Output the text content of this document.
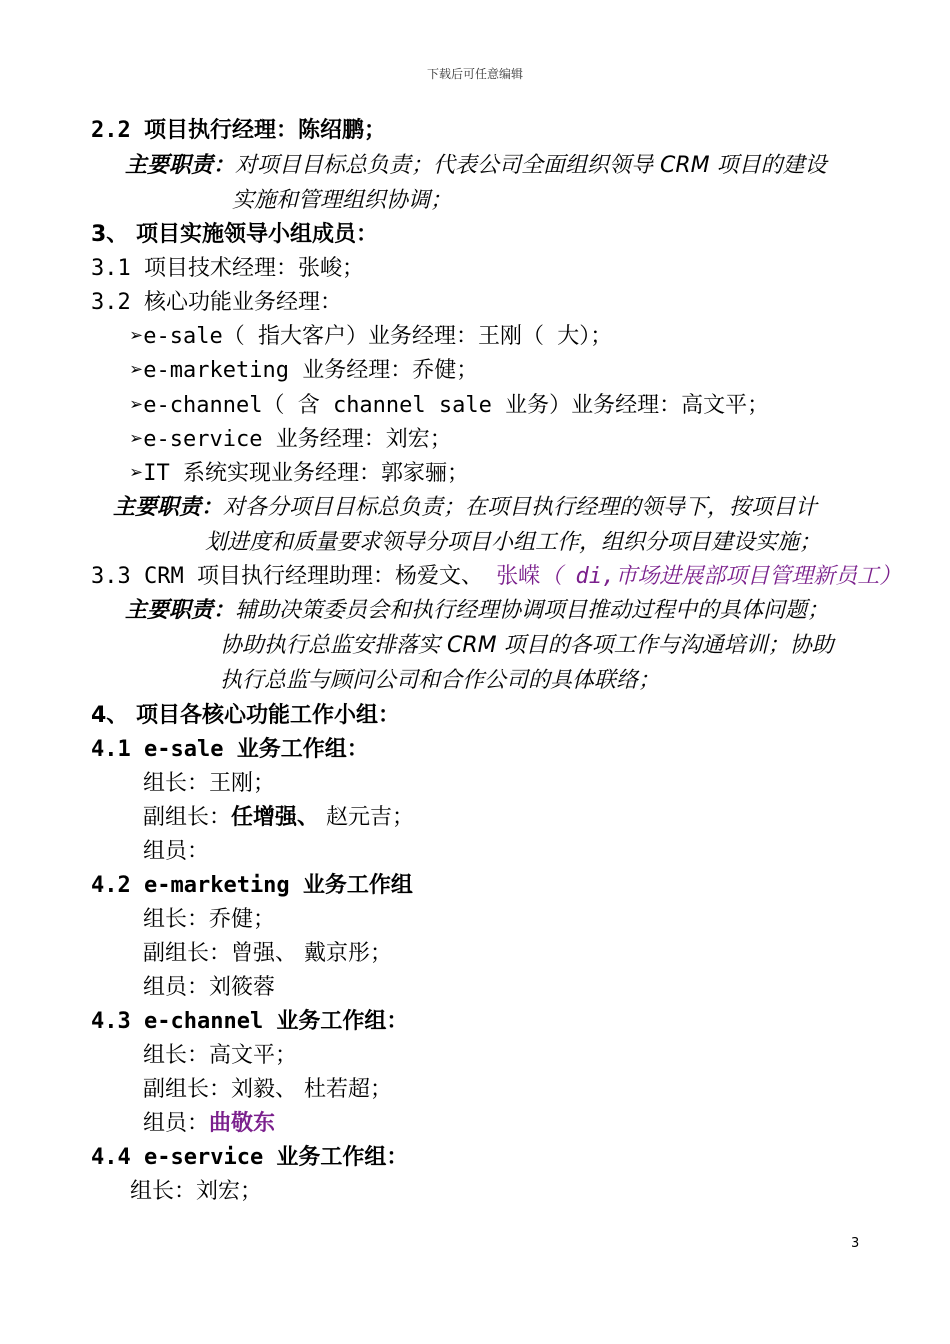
下载后可任意编辑
2.2 项目执行经理：陈绍鹏；
主要职责：对项目目标总负责；代表公司全面组织领导 CRM 项目的建设
实施和管理组织协调；
3、 项目实施领导小组成员：
3.1 项目技术经理：张峻；
3.2 核心功能业务经理：
➢e-sale（ 指大客户）业务经理：王刚（ 大）；
➢e-marketing 业务经理：乔健；
➢e-channel（ 含 channel sale 业务）业务经理：高文平；
➢e-service 业务经理：刘宏；
➢IT 系统实现业务经理：郭家骊；
主要职责：对各分项目目标总负责；在项目执行经理的领导下，按项目计
划进度和质量要求领导分项目小组工作，组织分项目建设实施；
3.3 CRM 项目执行经理助理：杨爱文、 张嵘（ di,市场进展部项目管理新员工）
主要职责：辅助决策委员会和执行经理协调项目推动过程中的具体问题；
协助执行总监安排落实 CRM 项目的各项工作与沟通培训；协助
执行总监与顾问公司和合作公司的具体联络；
4、 项目各核心功能工作小组：
4.1 e-sale 业务工作组：
组长：王刚；
副组长：任增强、 赵元吉；
组员：
4.2 e-marketing 业务工作组
组长：乔健；
副组长：曾强、 戴京彤；
组员：刘筱蓉
4.3 e-channel 业务工作组：
组长：高文平；
副组长：刘毅、 杜若超；
组员：曲敬东
4.4 e-service 业务工作组：
组长：刘宏；
3
